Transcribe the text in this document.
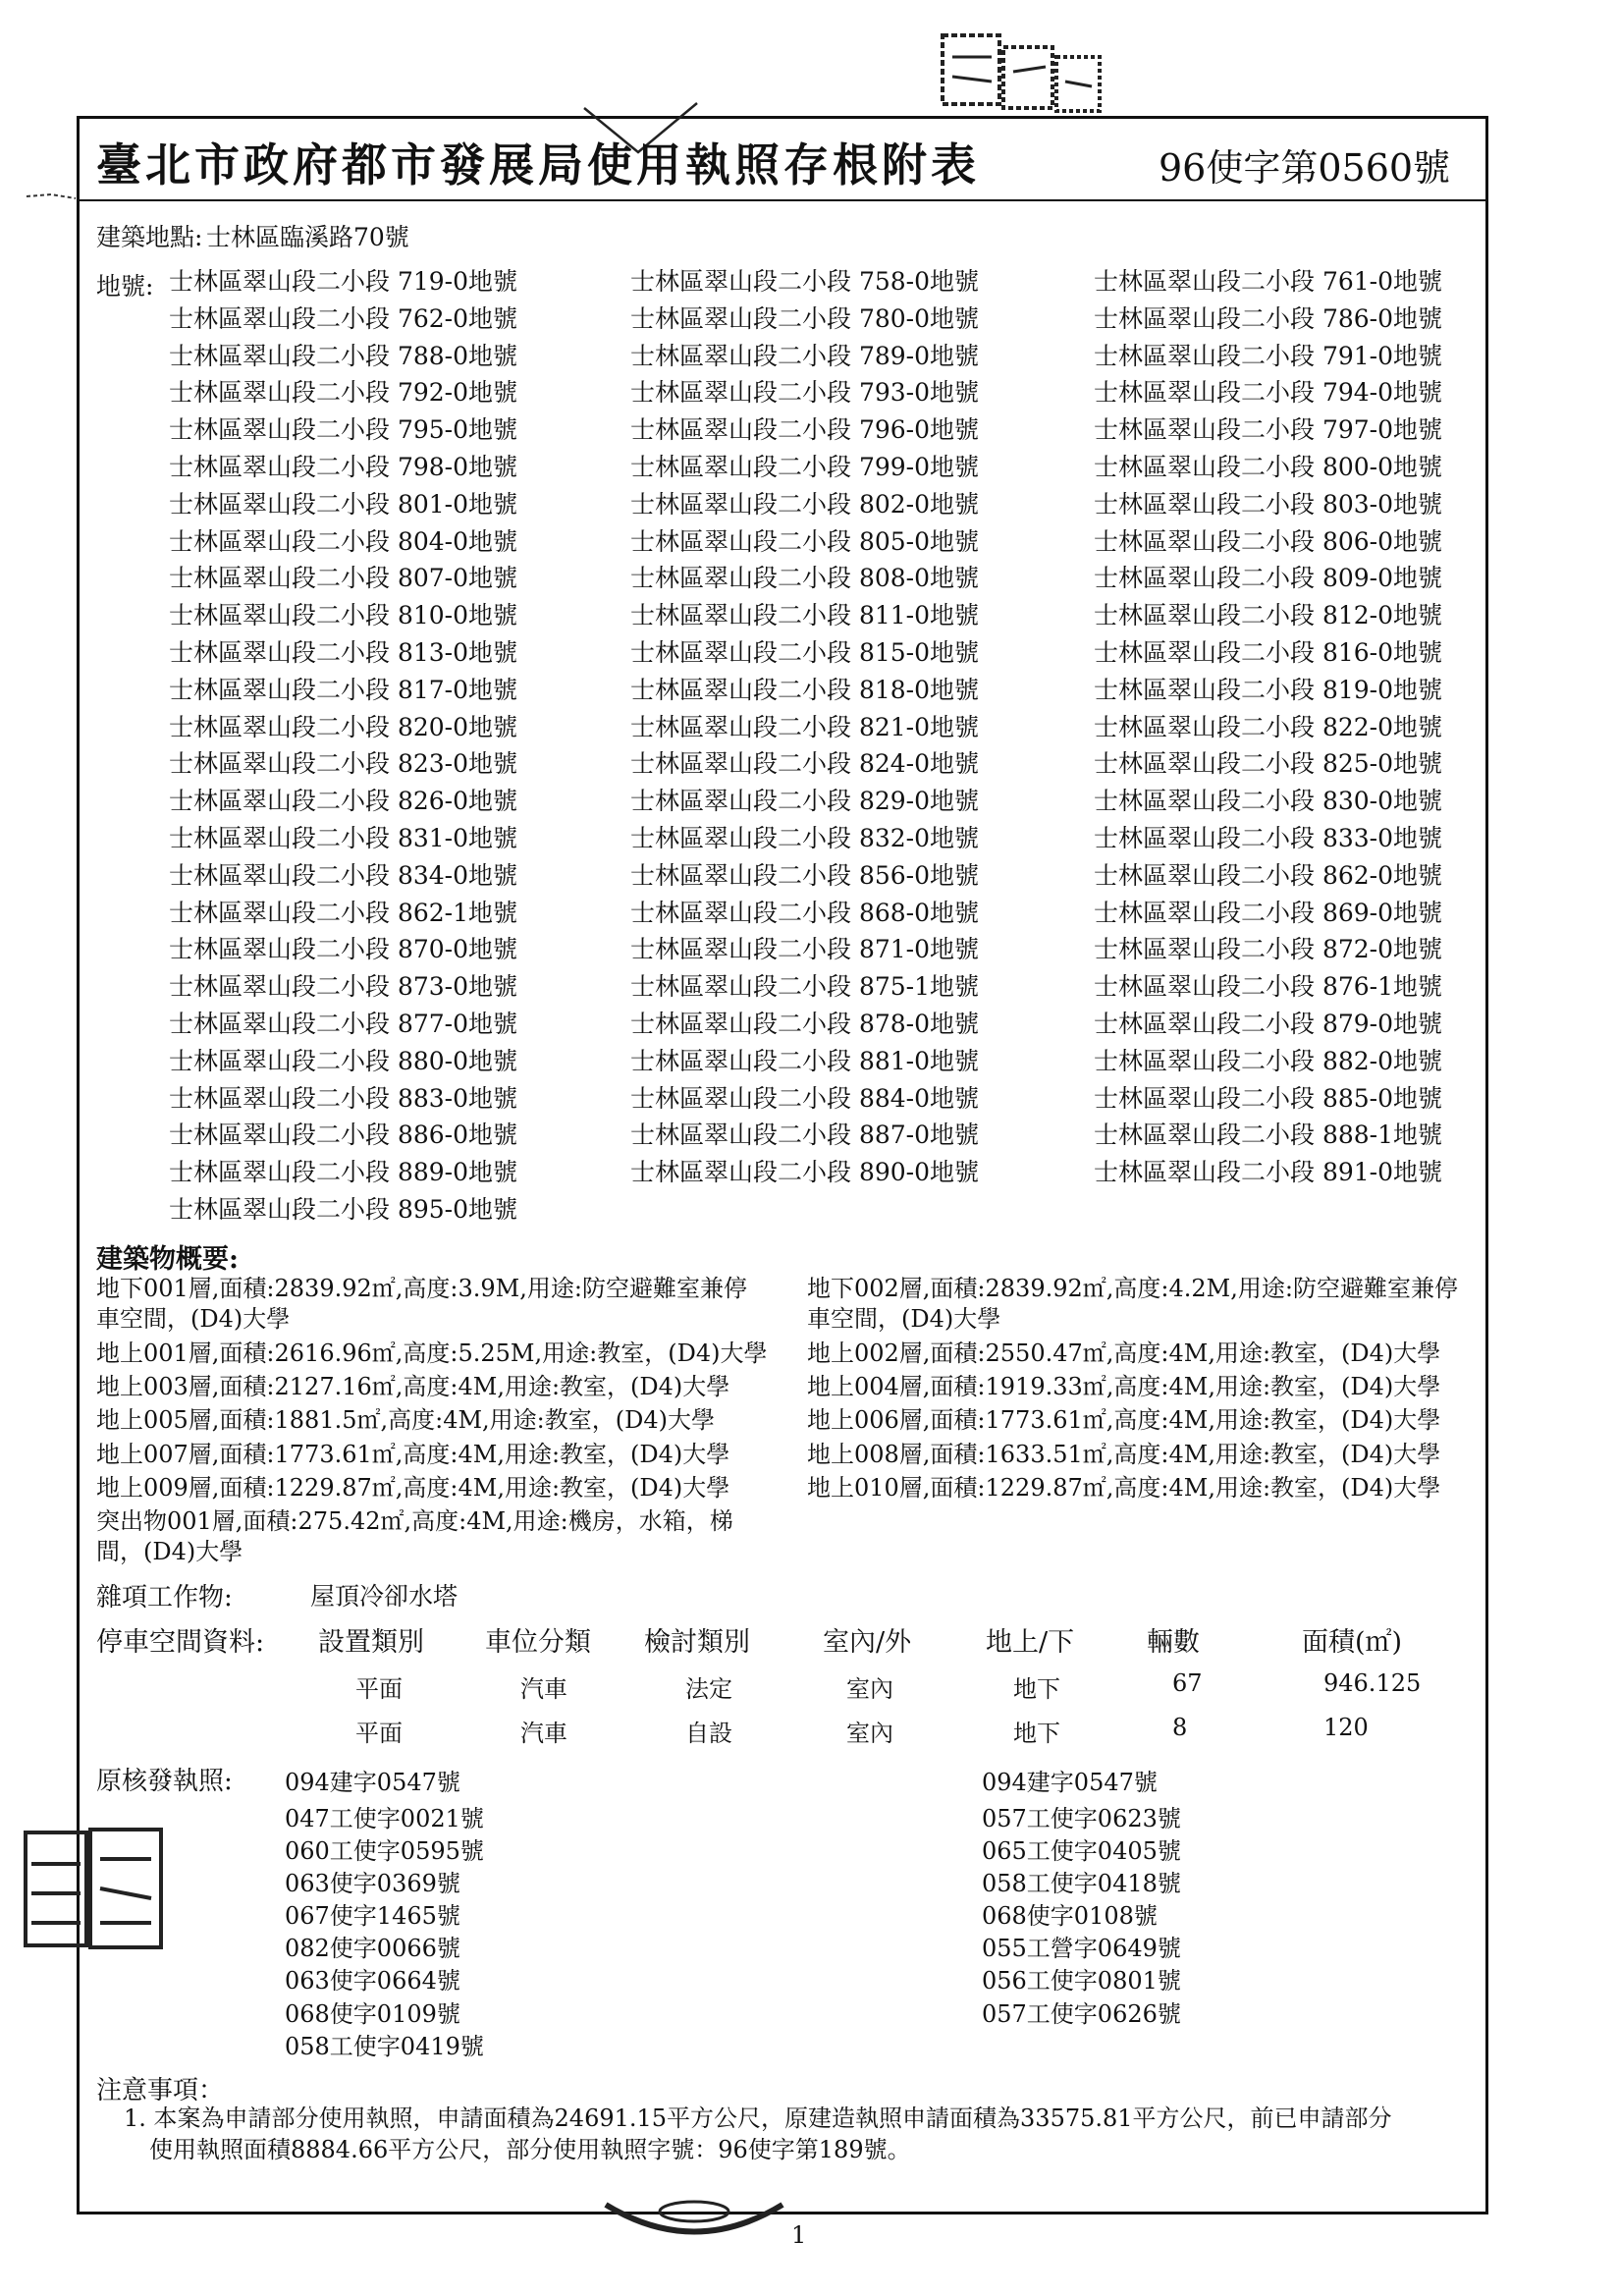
臺北市政府都市發展局使用執照存根附表	96使字第0560號
建築地點: 士林區臨溪路70號
地號: 士林區翠山段二小段 719-0地號	士林區翠山段二小段 758-0地號	士林區翠山段二小段 761-0地號
士林區翠山段二小段 762-0地號	士林區翠山段二小段 780-0地號	士林區翠山段二小段 786-0地號
士林區翠山段二小段 788-0地號	士林區翠山段二小段 789-0地號	士林區翠山段二小段 791-0地號
士林區翠山段二小段 792-0地號	士林區翠山段二小段 793-0地號	士林區翠山段二小段 794-0地號
士林區翠山段二小段 795-0地號	士林區翠山段二小段 796-0地號	士林區翠山段二小段 797-0地號
士林區翠山段二小段 798-0地號	士林區翠山段二小段 799-0地號	士林區翠山段二小段 800-0地號
士林區翠山段二小段 801-0地號	士林區翠山段二小段 802-0地號	士林區翠山段二小段 803-0地號
士林區翠山段二小段 804-0地號	士林區翠山段二小段 805-0地號	士林區翠山段二小段 806-0地號
士林區翠山段二小段 807-0地號	士林區翠山段二小段 808-0地號	士林區翠山段二小段 809-0地號
士林區翠山段二小段 810-0地號	士林區翠山段二小段 811-0地號	士林區翠山段二小段 812-0地號
士林區翠山段二小段 813-0地號	士林區翠山段二小段 815-0地號	士林區翠山段二小段 816-0地號
士林區翠山段二小段 817-0地號	士林區翠山段二小段 818-0地號	士林區翠山段二小段 819-0地號
士林區翠山段二小段 820-0地號	士林區翠山段二小段 821-0地號	士林區翠山段二小段 822-0地號
士林區翠山段二小段 823-0地號	士林區翠山段二小段 824-0地號	士林區翠山段二小段 825-0地號
士林區翠山段二小段 826-0地號	士林區翠山段二小段 829-0地號	士林區翠山段二小段 830-0地號
士林區翠山段二小段 831-0地號	士林區翠山段二小段 832-0地號	士林區翠山段二小段 833-0地號
士林區翠山段二小段 834-0地號	士林區翠山段二小段 856-0地號	士林區翠山段二小段 862-0地號
士林區翠山段二小段 862-1地號	士林區翠山段二小段 868-0地號	士林區翠山段二小段 869-0地號
士林區翠山段二小段 870-0地號	士林區翠山段二小段 871-0地號	士林區翠山段二小段 872-0地號
士林區翠山段二小段 873-0地號	士林區翠山段二小段 875-1地號	士林區翠山段二小段 876-1地號
士林區翠山段二小段 877-0地號	士林區翠山段二小段 878-0地號	士林區翠山段二小段 879-0地號
士林區翠山段二小段 880-0地號	士林區翠山段二小段 881-0地號	士林區翠山段二小段 882-0地號
士林區翠山段二小段 883-0地號	士林區翠山段二小段 884-0地號	士林區翠山段二小段 885-0地號
士林區翠山段二小段 886-0地號	士林區翠山段二小段 887-0地號	士林區翠山段二小段 888-1地號
士林區翠山段二小段 889-0地號	士林區翠山段二小段 890-0地號	士林區翠山段二小段 891-0地號
士林區翠山段二小段 895-0地號
建築物概要:
地下001層,面積:2839.92㎡,高度:3.9M,用途:防空避難室兼停
車空間，(D4)大學
地上001層,面積:2616.96㎡,高度:5.25M,用途:教室，(D4)大學
地上003層,面積:2127.16㎡,高度:4M,用途:教室，(D4)大學
地上005層,面積:1881.5㎡,高度:4M,用途:教室，(D4)大學
地上007層,面積:1773.61㎡,高度:4M,用途:教室，(D4)大學
地上009層,面積:1229.87㎡,高度:4M,用途:教室，(D4)大學
突出物001層,面積:275.42㎡,高度:4M,用途:機房，水箱，梯
間，(D4)大學
地下002層,面積:2839.92㎡,高度:4.2M,用途:防空避難室兼停
車空間，(D4)大學
地上002層,面積:2550.47㎡,高度:4M,用途:教室，(D4)大學
地上004層,面積:1919.33㎡,高度:4M,用途:教室，(D4)大學
地上006層,面積:1773.61㎡,高度:4M,用途:教室，(D4)大學
地上008層,面積:1633.51㎡,高度:4M,用途:教室，(D4)大學
地上010層,面積:1229.87㎡,高度:4M,用途:教室，(D4)大學
雜項工作物:	屋頂冷卻水塔
停車空間資料: 設置類別 車位分類 檢討類別	室內/外	地上/下	輛數	面積(㎡)
平面	汽車	法定	室內	地下	67	946.125
平面	汽車	自設	室內	地下	8	120
原核發執照: 094建字0547號
047工使字0021號
060工使字0595號
063使字0369號
067使字1465號
082使字0066號
063使字0664號
068使字0109號
058工使字0419號
094建字0547號
057工使字0623號
065工使字0405號
058工使字0418號
068使字0108號
055工營字0649號
056工使字0801號
057工使字0626號
注意事項：
1. 本案為申請部分使用執照，申請面積為24691.15平方公尺，原建造執照申請面積為33575.81平方公尺，前已申請部分
使用執照面積8884.66平方公尺，部分使用執照字號：96使字第189號。
1
